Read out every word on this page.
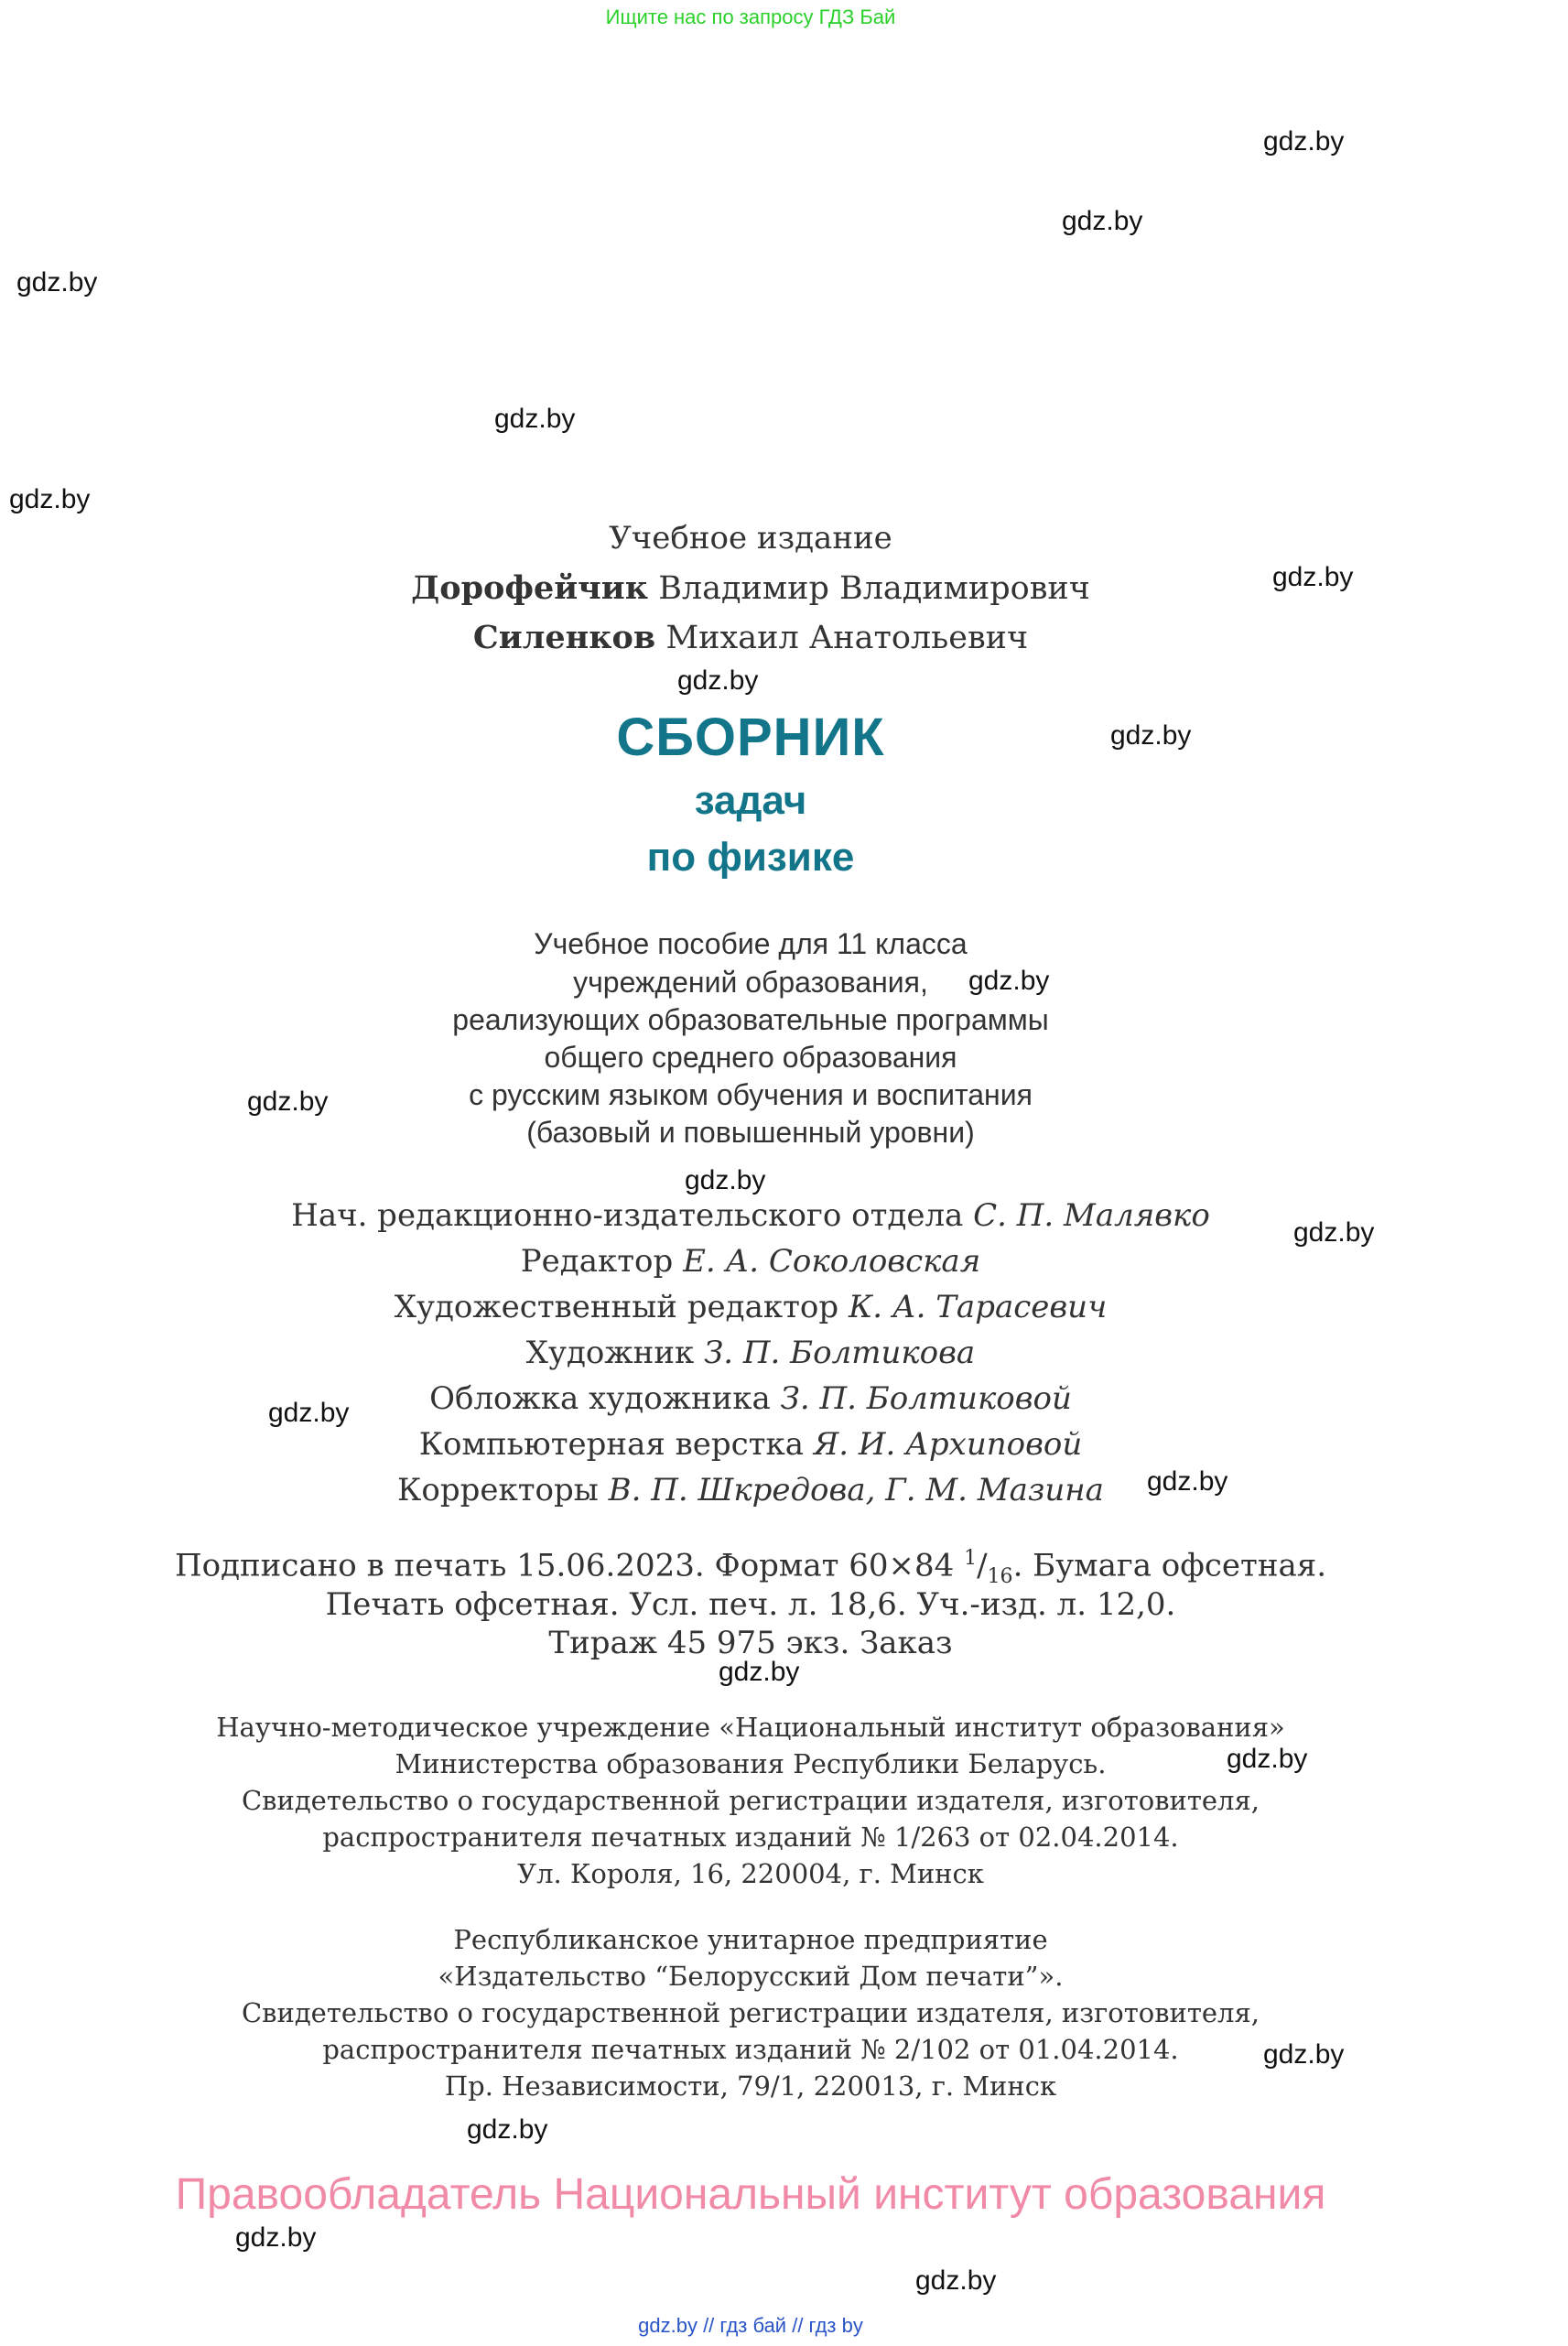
Ищите нас по запросу ГДЗ Бай
gdz.by
gdz.by
gdz.by
gdz.by
gdz.by
gdz.by
gdz.by
gdz.by
gdz.by
gdz.by
gdz.by
gdz.by
gdz.by
gdz.by
gdz.by
gdz.by
gdz.by
gdz.by
gdz.by
gdz.by
Учебное издание
Дорофейчик Владимир Владимирович
Силенков Михаил Анатольевич
СБОРНИК
задач
по физике
Учебное пособие для 11 класса
учреждений образования,
реализующих образовательные программы
общего среднего образования
с русским языком обучения и воспитания
(базовый и повышенный уровни)
Нач. редакционно-издательского отдела С. П. Малявко
Редактор Е. А. Соколовская
Художественный редактор К. А. Тарасевич
Художник З. П. Болтикова
Обложка художника З. П. Болтиковой
Компьютерная верстка Я. И. Архиповой
Корректоры В. П. Шкредова, Г. М. Мазина
Подписано в печать 15.06.2023. Формат 60×84 $^1/_{16}$. Бумага офсетная.
Печать офсетная. Усл. печ. л. 18,6. Уч.-изд. л. 12,0.
Тираж 45 975 экз. Заказ
Научно-методическое учреждение «Национальный институт образования»
Министерства образования Республики Беларусь.
Свидетельство о государственной регистрации издателя, изготовителя,
распространителя печатных изданий № 1/263 от 02.04.2014.
Ул. Короля, 16, 220004, г. Минск
Республиканское унитарное предприятие
«Издательство “Белорусский Дом печати”».
Свидетельство о государственной регистрации издателя, изготовителя,
распространителя печатных изданий № 2/102 от 01.04.2014.
Пр. Независимости, 79/1, 220013, г. Минск
Правообладатель Национальный институт образования
gdz.by // гдз бай // гдз by
